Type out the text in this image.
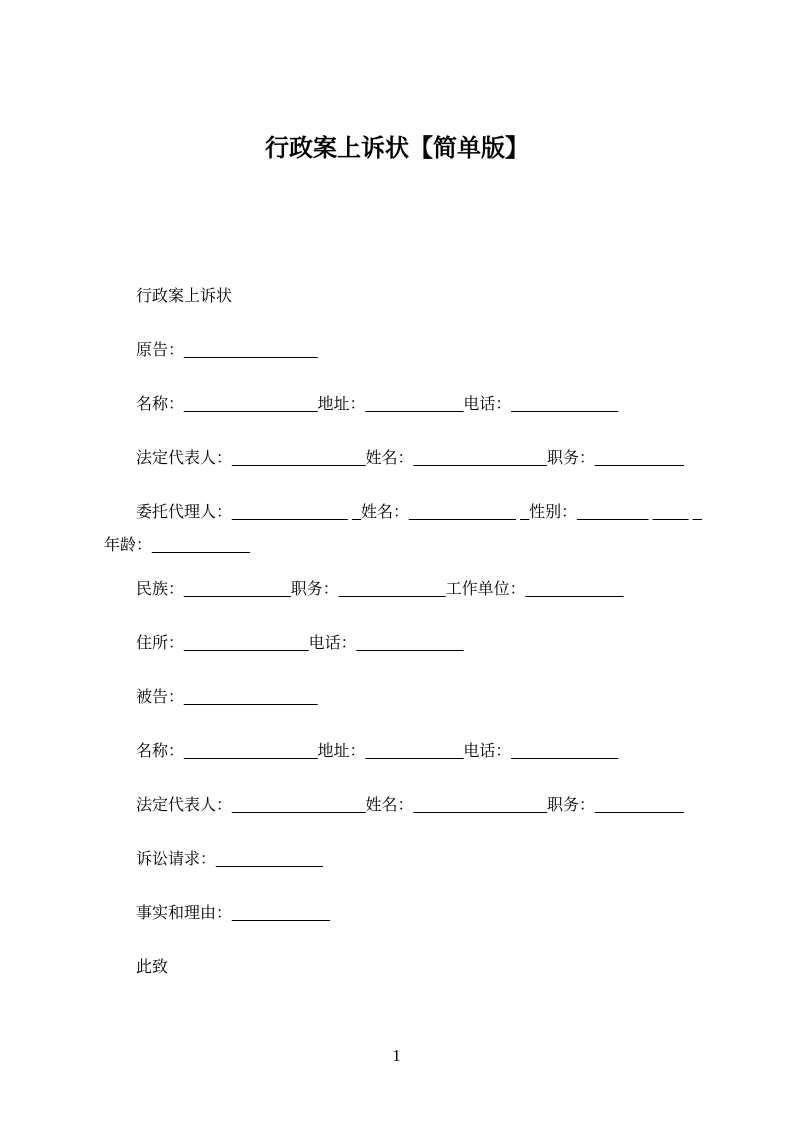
行政案上诉状【简单版】

行政案上诉状

原告：_______________

名称：_______________地址：___________电话：____________

法定代表人：_______________姓名：_______________职务：__________

委托代理人：_____________ _姓名：____________ _性别：________ ____ _
年龄：___________

民族：____________职务：____________工作单位：___________

住所：______________电话：____________

被告：_______________

名称：_______________地址：___________电话：____________

法定代表人：_______________姓名：_______________职务：__________

诉讼请求：____________

事实和理由：___________

此致

1
